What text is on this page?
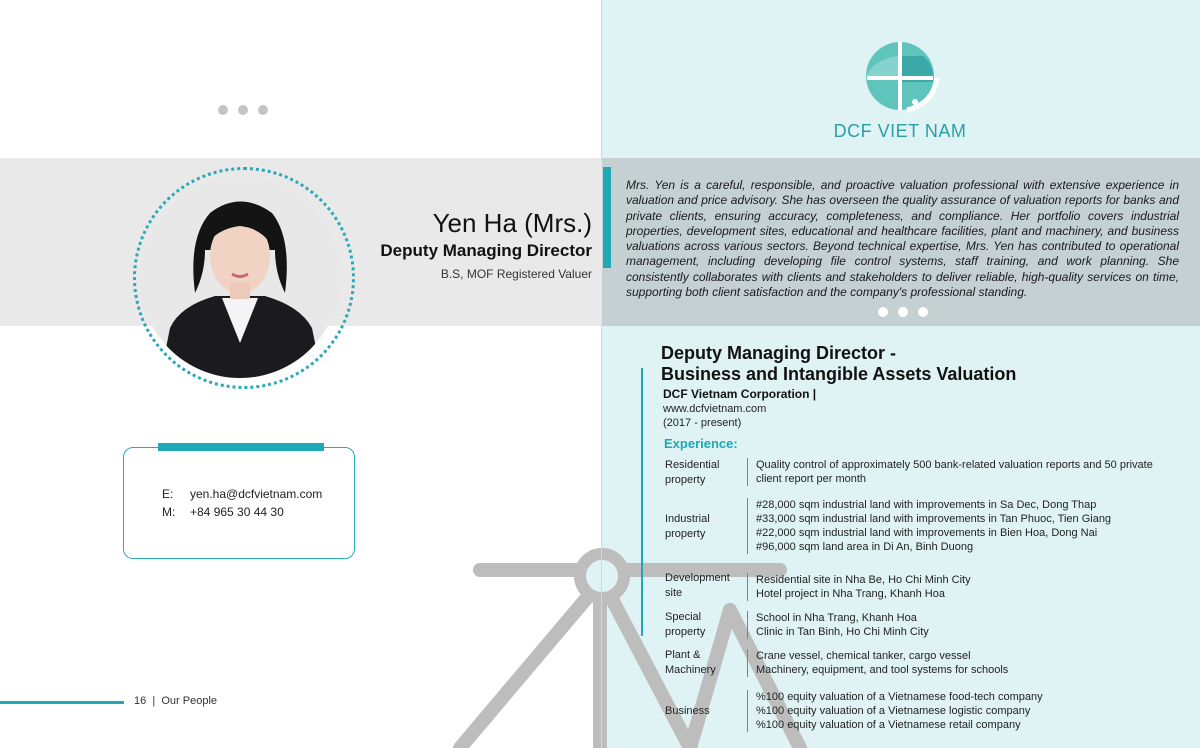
Yen Ha (Mrs.)
Deputy Managing Director
B.S, MOF Registered Valuer
E:	yen.ha@dcfvietnam.com
M:	+84 965 30 44 30
16 | Our People
DCF VIET NAM
Mrs. Yen is a careful, responsible, and proactive valuation professional with extensive experience in valuation and price advisory. She has overseen the quality assurance of valuation reports for banks and private clients, ensuring accuracy, completeness, and compliance. Her portfolio covers industrial properties, development sites, educational and healthcare facilities, plant and machinery, and business valuations across various sectors. Beyond technical expertise, Mrs. Yen has contributed to operational management, including developing file control systems, staff training, and work planning. She consistently collaborates with clients and stakeholders to deliver reliable, high-quality services on time, supporting both client satisfaction and the company's professional standing.
Deputy Managing Director -
Business and Intangible Assets Valuation
DCF Vietnam Corporation |
www.dcfvietnam.com
(2017 - present)
Experience:
Residential property
Quality control of approximately 500 bank-related valuation reports and 50 private
client report per month
Industrial property
#28,000 sqm industrial land with improvements in Sa Dec, Dong Thap
#33,000 sqm industrial land with improvements in Tan Phuoc, Tien Giang
#22,000 sqm industrial land with improvements in Bien Hoa, Dong Nai
#96,000 sqm land area in Di An, Binh Duong
Development site
Residential site in Nha Be, Ho Chi Minh City
Hotel project in Nha Trang, Khanh Hoa
Special property
School in Nha Trang, Khanh Hoa
Clinic in Tan Binh, Ho Chi Minh City
Plant & Machinery
Crane vessel, chemical tanker, cargo vessel
Machinery, equipment, and tool systems for schools
Business
%100 equity valuation of a Vietnamese food-tech company
%100 equity valuation of a Vietnamese logistic company
%100 equity valuation of a Vietnamese retail company
